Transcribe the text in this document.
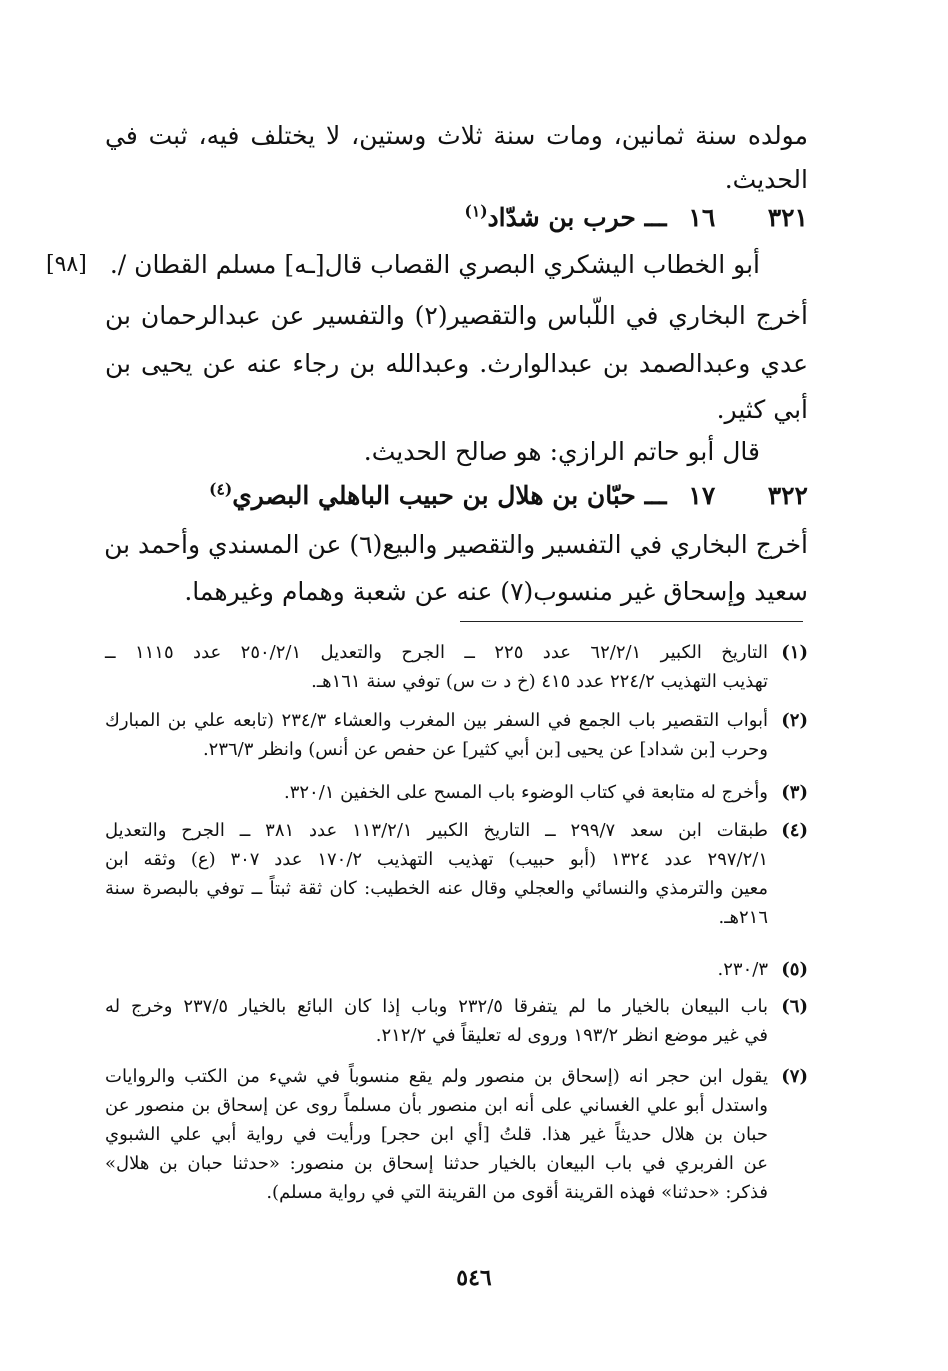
مولده سنة ثمانين، ومات سنة ثلاث وستين، لا يختلف فيه، ثبت في
الحديث.
٣٢١ ١٦ ـــ حرب بن شدّاد$^{(١)}$
[٩٨] أبو الخطاب اليشكري البصري القصاب قال[ـه] مسلم القطان /.
أخرج البخاري في اللّباس والتقصير(٢) والتفسير عن عبدالرحمان بن
عدي وعبدالصمد بن عبدالوارث. وعبدالله بن رجاء عنه عن يحيى بن
أبي كثير.
قال أبو حاتم الرازي: هو صالح الحديث.
٣٢٢ ١٧ ـــ حبّان بن هلال بن حبيب الباهلي البصري$^{(٤)}$
أخرج البخاري في التفسير والتقصير والبيع(٦) عن المسندي وأحمد بن
سعيد وإسحاق غير منسوب(٧) عنه عن شعبة وهمام وغيرهما.
(١)
التاريخ الكبير ٦٢/٢/١ عدد ٢٢٥ ــ الجرح والتعديل ٢٥٠/٢/١ عدد ١١١٥ ــ
تهذيب التهذيب ٢٢٤/٢ عدد ٤١٥ (خ د ت س) توفي سنة ١٦١هـ.
(٢)
أبواب التقصير باب الجمع في السفر بين المغرب والعشاء ٢٣٤/٣ (تابعه علي بن المبارك
وحرب [بن شداد] عن يحيى [بن أبي كثير] عن حفص عن أنس) وانظر ٢٣٦/٣.
(٣)
وأخرج له متابعة في كتاب الوضوء باب المسح على الخفين ٣٢٠/١.
(٤)
طبقات ابن سعد ٢٩٩/٧ ــ التاريخ الكبير ١١٣/٢/١ عدد ٣٨١ ــ الجرح والتعديل
٢٩٧/٢/١ عدد ١٣٢٤ (أبو حبيب) تهذيب التهذيب ١٧٠/٢ عدد ٣٠٧ (ع) وثقه ابن
معين والترمذي والنسائي والعجلي وقال عنه الخطيب: كان ثقة ثبتاً ــ توفي بالبصرة سنة
٢١٦هـ.
(٥)
٢٣٠/٣.
(٦)
باب البيعان بالخيار ما لم يتفرقا ٢٣٢/٥ وباب إذا كان البائع بالخيار ٢٣٧/٥ وخرج له
في غير موضع انظر ١٩٣/٢ وروى له تعليقاً في ٢١٢/٢.
(٧)
يقول ابن حجر انه (إسحاق بن منصور ولم يقع منسوباً في شيء من الكتب والروايات
واستدل أبو علي الغساني على أنه ابن منصور بأن مسلماً روى عن إسحاق بن منصور عن
حبان بن هلال حديثاً غير هذا. قلتُ [أي ابن حجر] ورأيت في رواية أبي علي الشبوي
عن الفربري في باب البيعان بالخيار حدثنا إسحاق بن منصور: «حدثنا حبان بن هلال»
فذكر: «حدثنا» فهذه القرينة أقوى من القرينة التي في رواية مسلم).
٥٤٦
